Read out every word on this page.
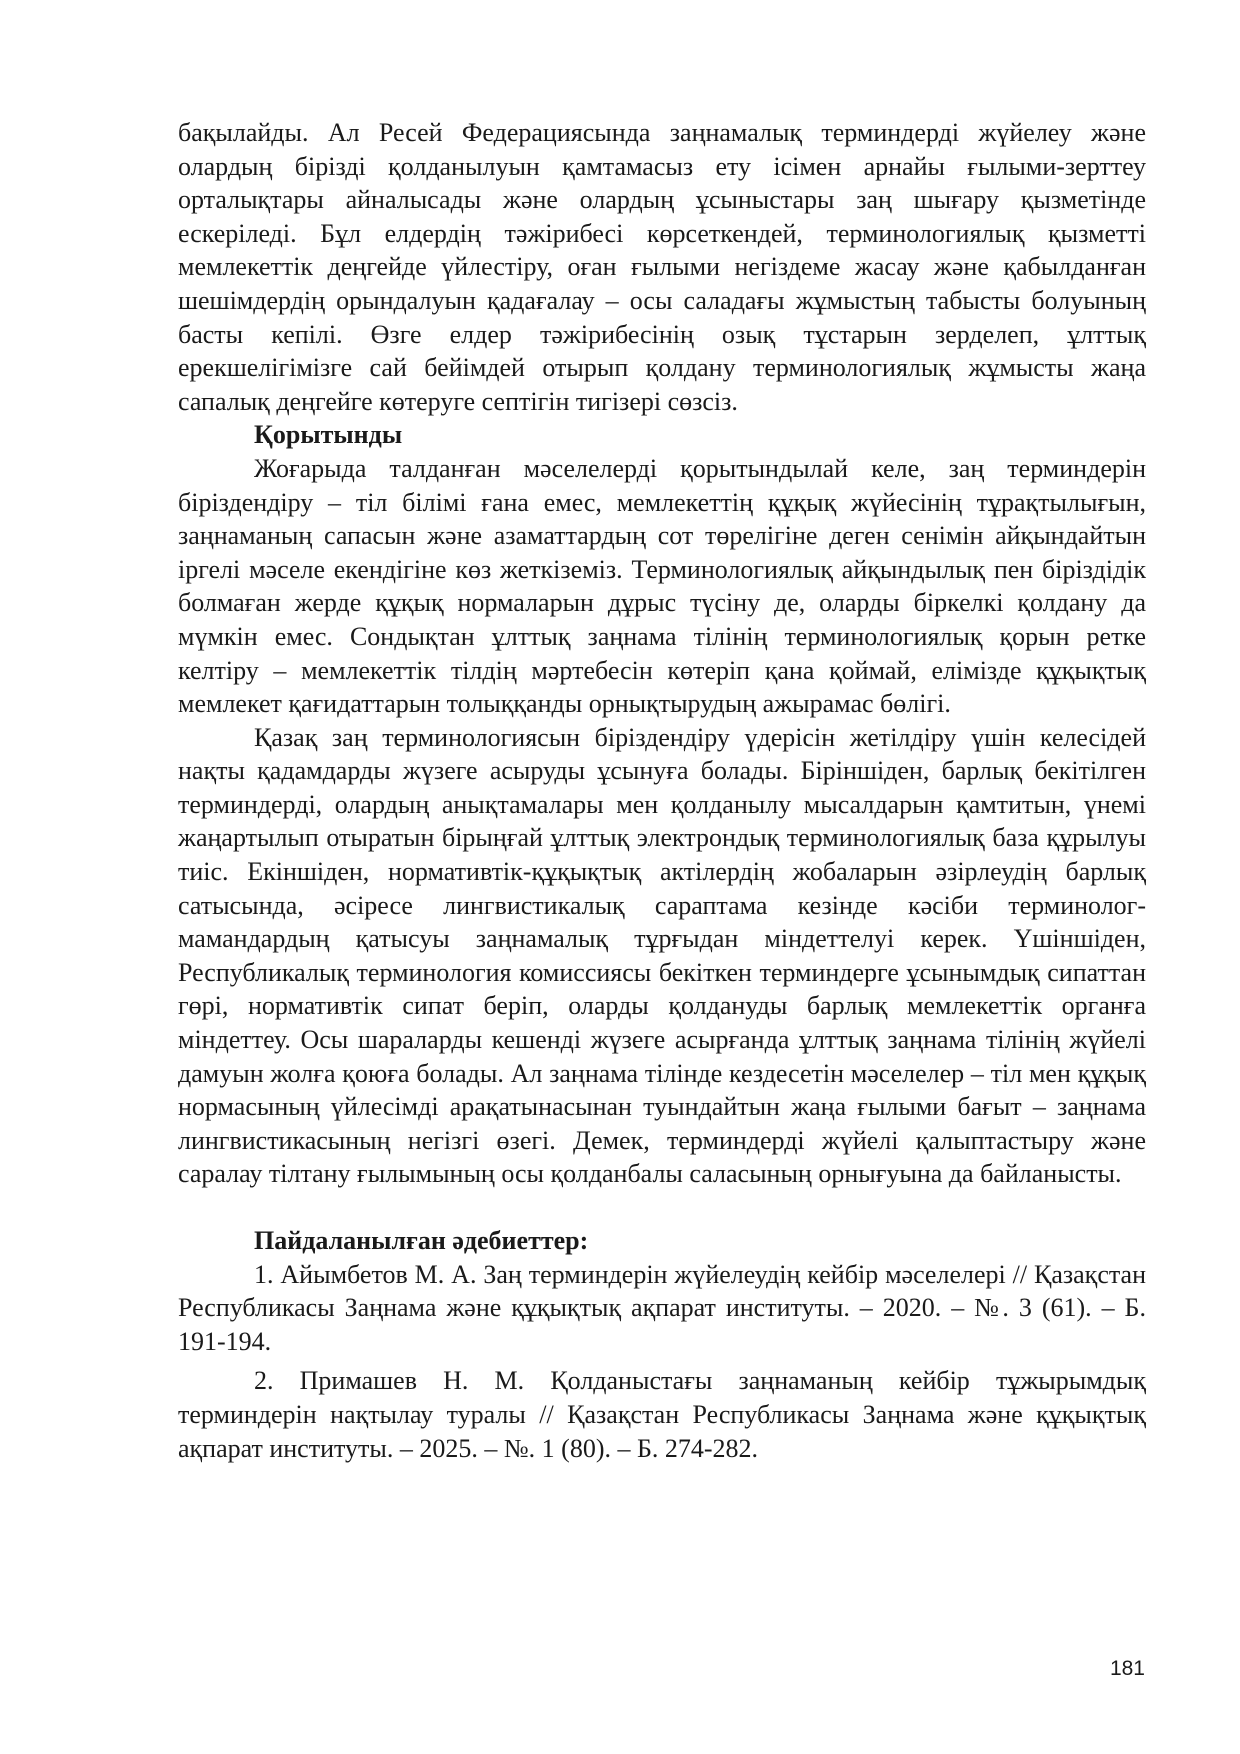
бақылайды. Ал Ресей Федерациясында заңнамалық терминдерді жүйелеу және олардың бірізді қолданылуын қамтамасыз ету ісімен арнайы ғылыми-зерттеу орталықтары айналысады және олардың ұсыныстары заң шығару қызметінде ескеріледі. Бұл елдердің тәжірибесі көрсеткендей, терминологиялық қызметті мемлекеттік деңгейде үйлестіру, оған ғылыми негіздеме жасау және қабылданған шешімдердің орындалуын қадағалау – осы саладағы жұмыстың табысты болуының басты кепілі. Өзге елдер тәжірибесінің озық тұстарын зерделеп, ұлттық ерекшелігімізге сай бейімдей отырып қолдану терминологиялық жұмысты жаңа сапалық деңгейге көтеруге септігін тигізері сөзсіз.

Қорытынды

Жоғарыда талданған мәселелерді қорытындылай келе, заң терминдерін біріздендіру – тіл білімі ғана емес, мемлекеттің құқық жүйесінің тұрақтылығын, заңнаманың сапасын және азаматтардың сот төрелігіне деген сенімін айқындайтын іргелі мәселе екендігіне көз жеткіземіз. Терминологиялық айқындылық пен біріздідік болмаған жерде құқық нормаларын дұрыс түсіну де, оларды біркелкі қолдану да мүмкін емес. Сондықтан ұлттық заңнама тілінің терминологиялық қорын ретке келтіру – мемлекеттік тілдің мәртебесін көтеріп қана қоймай, елімізде құқықтық мемлекет қағидаттарын толыққанды орнықтырудың ажырамас бөлігі.

Қазақ заң терминологиясын біріздендіру үдерісін жетілдіру үшін келесідей нақты қадамдарды жүзеге асыруды ұсынуға болады. Біріншіден, барлық бекітілген терминдерді, олардың анықтамалары мен қолданылу мысалдарын қамтитын, үнемі жаңартылып отыратын бірыңғай ұлттық электрондық терминологиялық база құрылуы тиіс. Екіншіден, нормативтік-құқықтық актілердің жобаларын әзірлеудің барлық сатысында, әсіресе лингвистикалық сараптама кезінде кәсіби терминолог-мамандардың қатысуы заңнамалық тұрғыдан міндеттелуі керек. Үшіншіден, Республикалық терминология комиссиясы бекіткен терминдерге ұсынымдық сипаттан гөрі, нормативтік сипат беріп, оларды қолдануды барлық мемлекеттік органға міндеттеу. Осы шараларды кешенді жүзеге асырғанда ұлттық заңнама тілінің жүйелі дамуын жолға қоюға болады. Ал заңнама тілінде кездесетін мәселелер – тіл мен құқық нормасының үйлесімді арақатынасынан туындайтын жаңа ғылыми бағыт – заңнама лингвистикасының негізгі өзегі. Демек, терминдерді жүйелі қалыптастыру және саралау тілтану ғылымының осы қолданбалы саласының орнығуына да байланысты.

Пайдаланылған әдебиеттер:

1. Айымбетов М. А. Заң терминдерін жүйелеудің кейбір мәселелері // Қазақстан Республикасы Заңнама және құқықтық ақпарат институты. – 2020. – №. 3 (61). – Б. 191-194.

2. Примашев Н. М. Қолданыстағы заңнаманың кейбір тұжырымдық терминдерін нақтылау туралы // Қазақстан Республикасы Заңнама және құқықтық ақпарат институты. – 2025. – №. 1 (80). – Б. 274-282.

181
